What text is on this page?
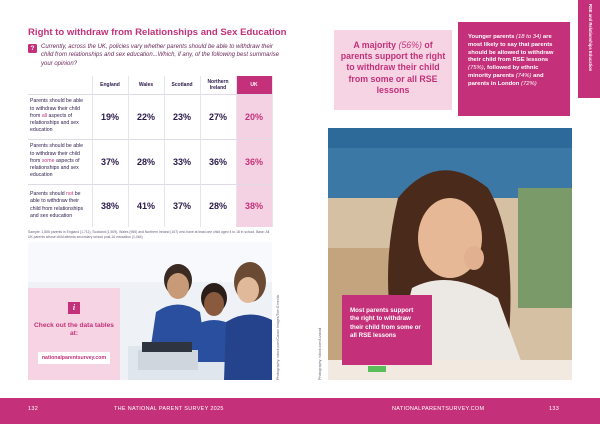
Right to withdraw from Relationships and Sex Education
?	Currently, across the UK, policies vary whether parents should be able to withdraw their child from relationships and sex education...Which, if any, of the following best summarise your opinion?
	England	Wales	Scotland	Northern Ireland	UK
Parents should be able to withdraw their child from all aspects of relationships and sex education	19%	22%	23%	27%	20%
Parents should be able to withdraw their child from some aspects of relationships and sex education	37%	28%	33%	36%	36%
Parents should not be able to withdraw their child from relationships and sex education	38%	41%	37%	28%	38%
Sample: 1,856 parents in England (1,711), Scotland (1,509), Wales (965) and Northern Ireland (167) who have at least one child aged 4 to 18 in school. Base: All UK parents whose child attends secondary school post-16 education (1,464)
i
Check out the data tables at:
nationalparentsurvey.com	Photography: istock.com/Cavan Images/Tom Emerick

A majority (56%) of parents support the right to withdraw their child from some or all RSE lessons

Younger parents (18 to 34) are most likely to say that parents should be allowed to withdraw their child from RSE lessons (75%), followed by ethnic minority parents (74%) and parents in London (72%)

RSE and Relationships Education

Most parents support the right to withdraw their child from some or all RSE lessons

Photography: istock.com/Lizavali
132	THE NATIONAL PARENT SURVEY 2025	NATIONALPARENTSURVEY.COM	133
